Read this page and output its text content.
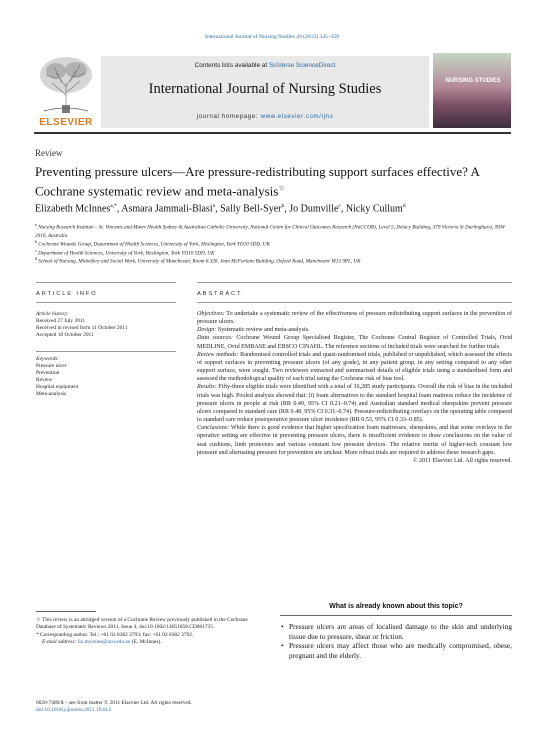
International Journal of Nursing Studies 49 (2012) 345–359
ELSEVIER
Contents lists available at SciVerse ScienceDirect
International Journal of Nursing Studies
journal homepage: www.elsevier.com/ijns
NURSING STUDIES
Review
Preventing pressure ulcers—Are pressure-redistributing support surfaces effective? A Cochrane systematic review and meta-analysis☆
Elizabeth McInnes$^{a,*}$, Asmara Jammali-Blasi$^a$, Sally Bell-Syer$^b$, Jo Dumville$^c$, Nicky Cullum$^d$
$^a$ Nursing Research Institute – St. Vincents and Mater Health Sydney & Australian Catholic University, National Centre for Clinical Outcomes Research (NaCCOR), Level 5, Delacy Building, 379 Victoria St Darlinghurst, NSW 2010, Australia
$^b$ Cochrane Wounds Group, Department of Health Sciences, University of York, Heslington, York YO10 5DD, UK
$^c$ Department of Health Sciences, University of York, Heslington, York YO10 5DD, UK
$^d$ School of Nursing, Midwifery and Social Work, University of Manchester, Room 6.326, Jean McFarlane Building, Oxford Road, Manchester M13 9PL, UK
ARTICLE INFO
Article history:
Received 27 July 2011
Received in revised form 11 October 2011
Accepted 18 October 2011
Keywords:
Pressure ulcer
Prevention
Review
Hospital equipment
Meta-analysis
ABSTRACT

Objectives: To undertake a systematic review of the effectiveness of pressure redistributing support surfaces in the prevention of pressure ulcers.

Design: Systematic review and meta-analysis.

Data sources: Cochrane Wound Group Specialised Register, The Cochrane Central Register of Controlled Trials, Ovid MEDLINE, Ovid EMBASE and EBSCO CINAHL. The reference sections of included trials were searched for further trials.

Review methods: Randomised controlled trials and quasi-randomised trials, published or unpublished, which assessed the effects of support surfaces in preventing pressure ulcers (of any grade), in any patient group, in any setting compared to any other support surface, were sought. Two reviewers extracted and summarised details of eligible trials using a standardised form and assessed the methodological quality of each trial using the Cochrane risk of bias tool.

Results: Fifty-three eligible trials were identified with a total of 16,285 study participants. Overall the risk of bias in the included trials was high. Pooled analysis showed that: (i) foam alternatives to the standard hospital foam mattress reduce the incidence of pressure ulcers in people at risk (RR 0.40, 95% CI 0.21–0.74) and Australian standard medical sheepskins prevent pressure ulcers compared to standard care (RR 0.48, 95% CI 0.31–0.74). Pressure-redistributing overlays on the operating table compared to standard care reduce postoperative pressure ulcer incidence (RR 0.53, 95% CI 0.33–0.85).

Conclusions: While there is good evidence that higher specification foam mattresses, sheepskins, and that some overlays in the operative setting are effective in preventing pressure ulcers, there is insufficient evidence to draw conclusions on the value of seat cushions, limb protectors and various constant low pressure devices. The relative merits of higher-tech constant low pressure and alternating pressure for prevention are unclear. More robust trials are required to address these research gaps.

© 2011 Elsevier Ltd. All rights reserved.
☆ This review is an abridged version of a Cochrane Review previously published in the Cochrane Database of Systematic Reviews 2011, Issue 4, doi:10.1002/14651858.CD001735.
* Corresponding author. Tel.: +61 02 8382 3793; fax: +61 02 8382 3792.
E-mail address: liz.mcinnes@acu.edu.au (E. McInnes).
0020-7489/$ – see front matter © 2011 Elsevier Ltd. All rights reserved.
doi:10.1016/j.ijnurstu.2011.10.014
What is already known about this topic?
• Pressure ulcers are areas of localised damage to the skin and underlying tissue due to pressure, shear or friction.
• Pressure ulcers may affect those who are medically compromised, obese, pregnant and the elderly.
